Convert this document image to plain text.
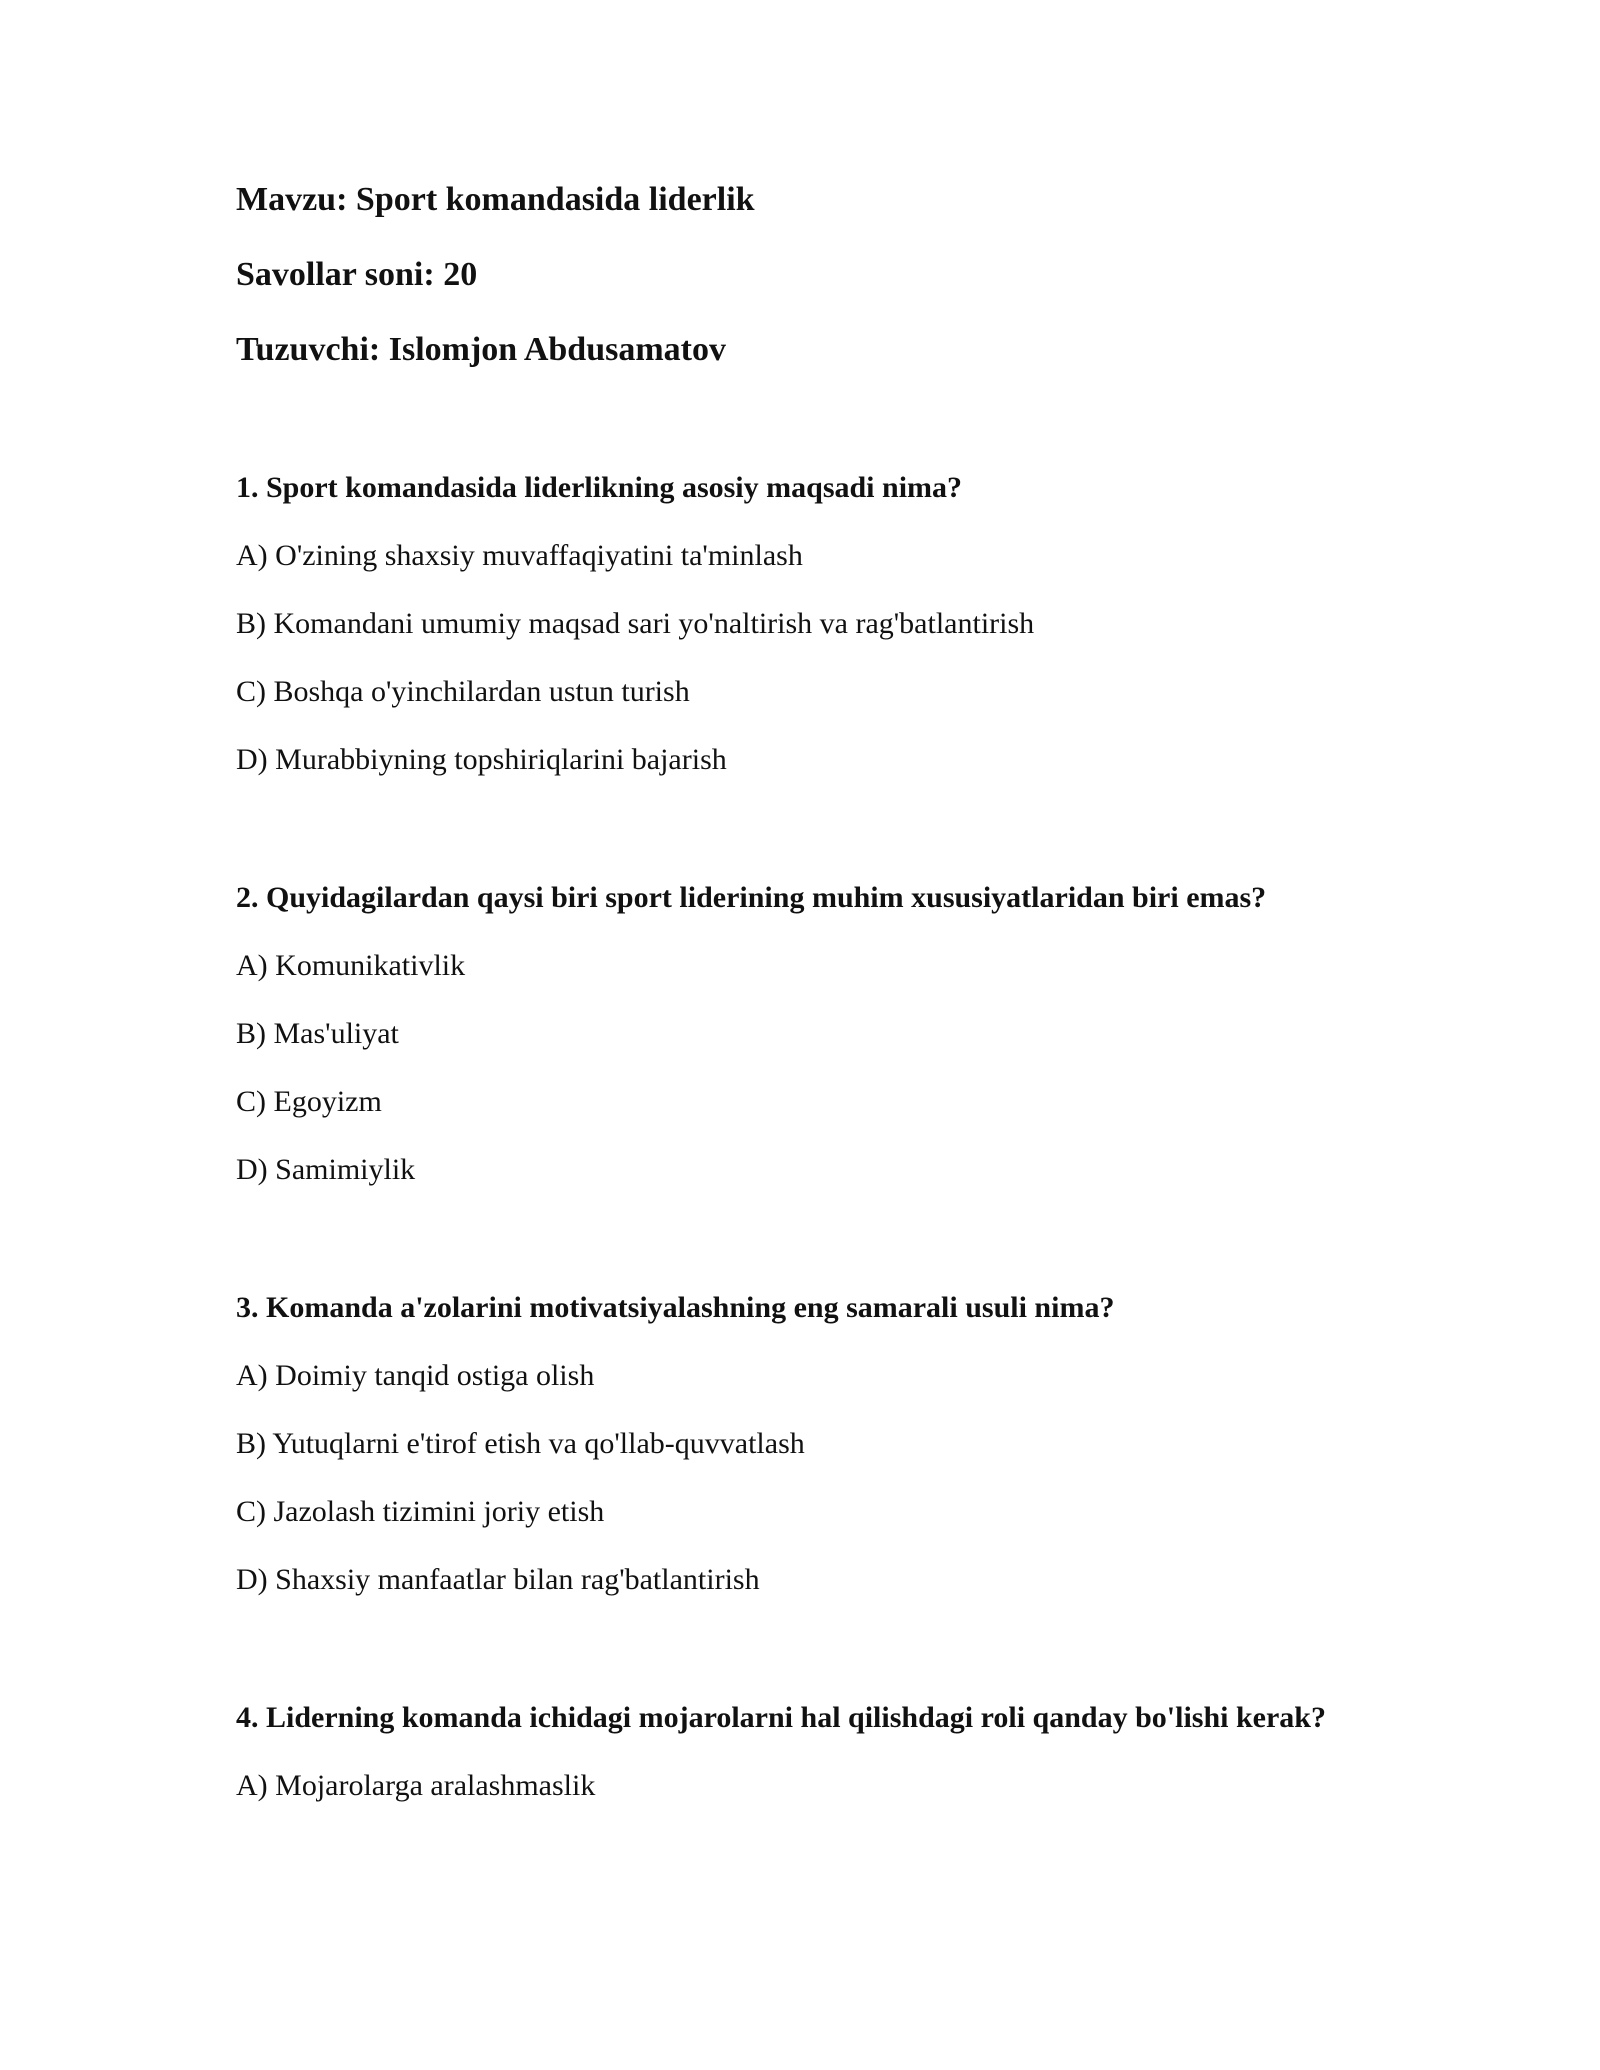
Mavzu: Sport komandasida liderlik
Savollar soni: 20
Tuzuvchi: Islomjon Abdusamatov
1. Sport komandasida liderlikning asosiy maqsadi nima?
A) O'zining shaxsiy muvaffaqiyatini ta'minlash
B) Komandani umumiy maqsad sari yo'naltirish va rag'batlantirish
C) Boshqa o'yinchilardan ustun turish
D) Murabbiyning topshiriqlarini bajarish
2. Quyidagilardan qaysi biri sport liderining muhim xususiyatlaridan biri emas?
A) Komunikativlik
B) Mas'uliyat
C) Egoyizm
D) Samimiylik
3. Komanda a'zolarini motivatsiyalashning eng samarali usuli nima?
A) Doimiy tanqid ostiga olish
B) Yutuqlarni e'tirof etish va qo'llab-quvvatlash
C) Jazolash tizimini joriy etish
D) Shaxsiy manfaatlar bilan rag'batlantirish
4. Liderning komanda ichidagi mojarolarni hal qilishdagi roli qanday bo'lishi kerak?
A) Mojarolarga aralashmaslik
